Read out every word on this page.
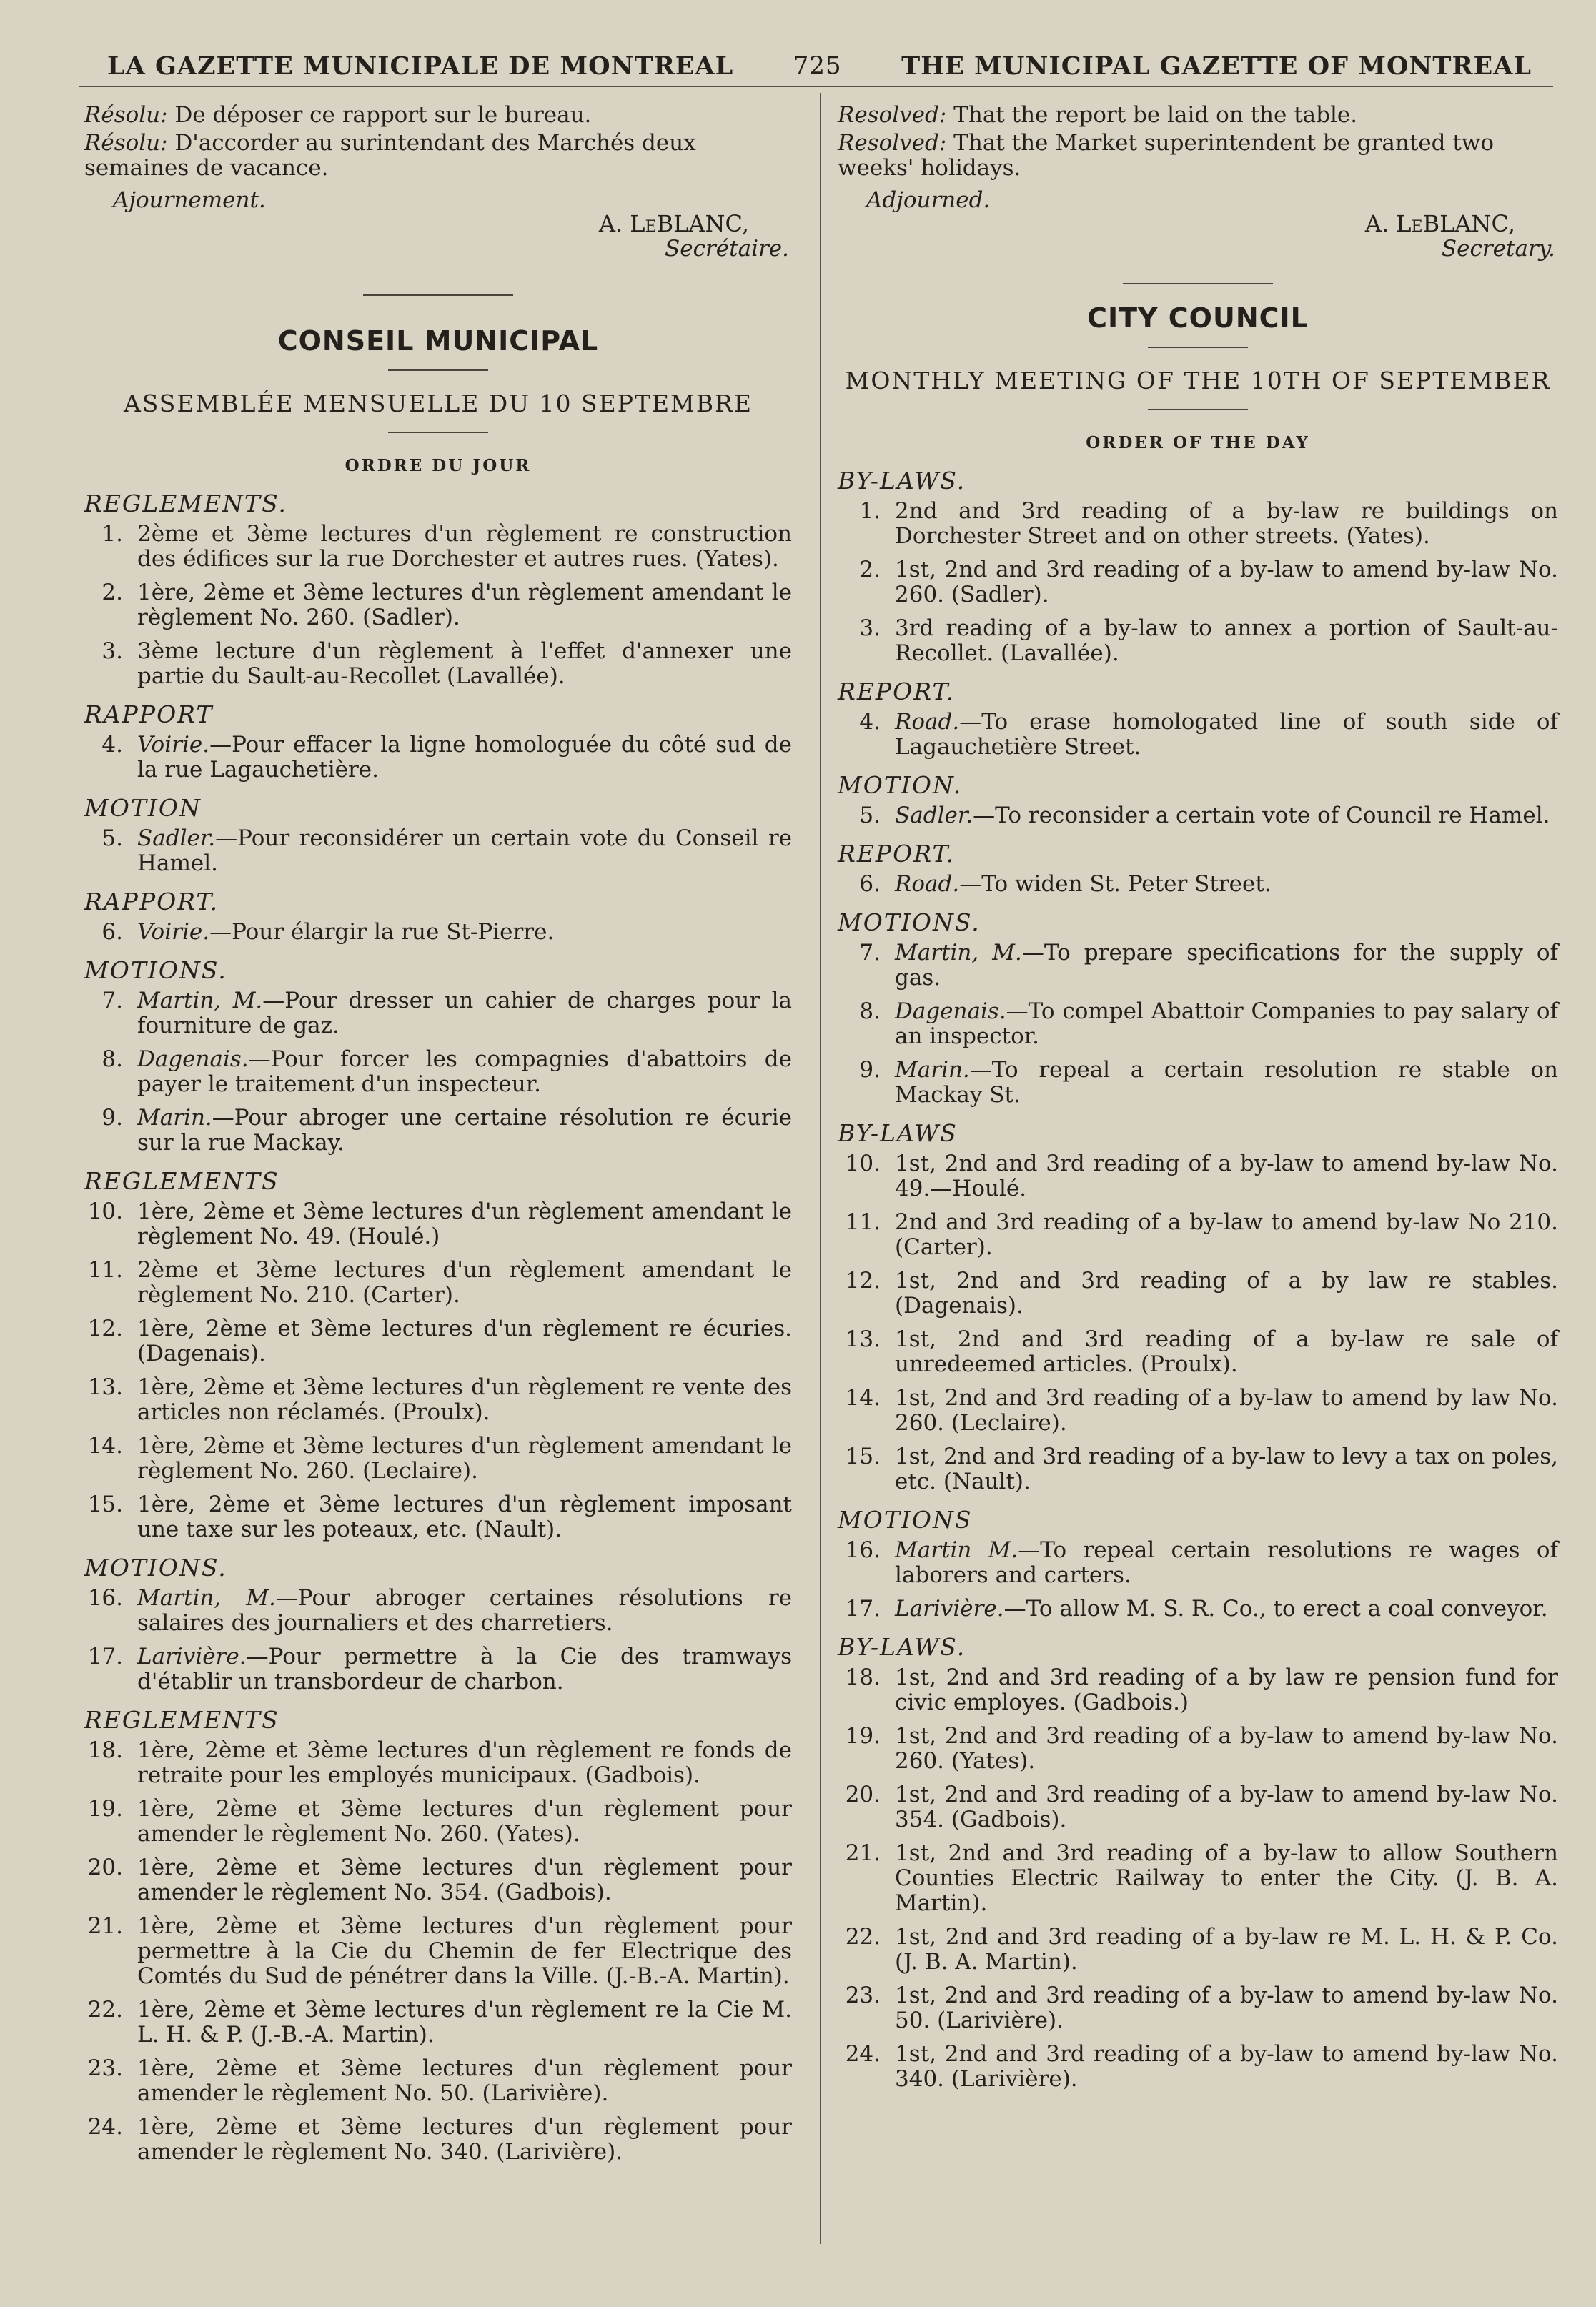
LA GAZETTE MUNICIPALE DE MONTREAL 725 THE MUNICIPAL GAZETTE OF MONTREAL

Résolu: De déposer ce rapport sur le bureau.

Résolu: D'accorder au surintendant des Marchés deux semaines de vacance.

Ajournement.

A. LeBLANC,

Secrétaire.

CONSEIL MUNICIPAL

ASSEMBLÉE MENSUELLE DU 10 SEPTEMBRE

ORDRE DU JOUR

REGLEMENTS.

1. 2ème et 3ème lectures d'un règlement re construction des édifices sur la rue Dorchester et autres rues. (Yates).
2. 1ère, 2ème et 3ème lectures d'un règlement amendant le règlement No. 260. (Sadler).
3. 3ème lecture d'un règlement à l'effet d'annexer une partie du Sault-au-Recollet (Lavallée).

RAPPORT

4. Voirie.—Pour effacer la ligne homologuée du côté sud de la rue Lagauchetière.

MOTION

5. Sadler.—Pour reconsidérer un certain vote du Conseil re Hamel.

RAPPORT.

6. Voirie.—Pour élargir la rue St-Pierre.

MOTIONS.

7. Martin, M.—Pour dresser un cahier de charges pour la fourniture de gaz.
8. Dagenais.—Pour forcer les compagnies d'abattoirs de payer le traitement d'un inspecteur.
9. Marin.—Pour abroger une certaine résolution re écurie sur la rue Mackay.

REGLEMENTS

10. 1ère, 2ème et 3ème lectures d'un règlement amendant le règlement No. 49. (Houlé.)
11. 2ème et 3ème lectures d'un règlement amendant le règlement No. 210. (Carter).
12. 1ère, 2ème et 3ème lectures d'un règlement re écuries. (Dagenais).
13. 1ère, 2ème et 3ème lectures d'un règlement re vente des articles non réclamés. (Proulx).
14. 1ère, 2ème et 3ème lectures d'un règlement amendant le règlement No. 260. (Leclaire).
15. 1ère, 2ème et 3ème lectures d'un règlement imposant une taxe sur les poteaux, etc. (Nault).

MOTIONS.

16. Martin, M.—Pour abroger certaines résolutions re salaires des journaliers et des charretiers.
17. Larivière.—Pour permettre à la Cie des tramways d'établir un transbordeur de charbon.

REGLEMENTS

18. 1ère, 2ème et 3ème lectures d'un règlement re fonds de retraite pour les employés municipaux. (Gadbois).
19. 1ère, 2ème et 3ème lectures d'un règlement pour amender le règlement No. 260. (Yates).
20. 1ère, 2ème et 3ème lectures d'un règlement pour amender le règlement No. 354. (Gadbois).
21. 1ère, 2ème et 3ème lectures d'un règlement pour permettre à la Cie du Chemin de fer Electrique des Comtés du Sud de pénétrer dans la Ville. (J.-B.-A. Martin).
22. 1ère, 2ème et 3ème lectures d'un règlement re la Cie M. L. H. & P. (J.-B.-A. Martin).
23. 1ère, 2ème et 3ème lectures d'un règlement pour amender le règlement No. 50. (Larivière).
24. 1ère, 2ème et 3ème lectures d'un règlement pour amender le règlement No. 340. (Larivière).

Resolved: That the report be laid on the table.

Resolved: That the Market superintendent be granted two weeks' holidays.

Adjourned.

A. LeBLANC,

Secretary.

CITY COUNCIL

MONTHLY MEETING OF THE 10TH OF SEPTEMBER

ORDER OF THE DAY

BY-LAWS.

1. 2nd and 3rd reading of a by-law re buildings on Dorchester Street and on other streets. (Yates).
2. 1st, 2nd and 3rd reading of a by-law to amend by-law No. 260. (Sadler).
3. 3rd reading of a by-law to annex a portion of Sault-au-Recollet. (Lavallée).

REPORT.

4. Road.—To erase homologated line of south side of Lagauchetière Street.

MOTION.

5. Sadler.—To reconsider a certain vote of Council re Hamel.

REPORT.

6. Road.—To widen St. Peter Street.

MOTIONS.

7. Martin, M.—To prepare specifications for the supply of gas.
8. Dagenais.—To compel Abattoir Companies to pay salary of an inspector.
9. Marin.—To repeal a certain resolution re stable on Mackay St.

BY-LAWS

10. 1st, 2nd and 3rd reading of a by-law to amend by-law No. 49.—Houlé.
11. 2nd and 3rd reading of a by-law to amend by-law No 210. (Carter).
12. 1st, 2nd and 3rd reading of a by law re stables. (Dagenais).
13. 1st, 2nd and 3rd reading of a by-law re sale of unredeemed articles. (Proulx).
14. 1st, 2nd and 3rd reading of a by-law to amend by law No. 260. (Leclaire).
15. 1st, 2nd and 3rd reading of a by-law to levy a tax on poles, etc. (Nault).

MOTIONS

16. Martin M.—To repeal certain resolutions re wages of laborers and carters.
17. Larivière.—To allow M. S. R. Co., to erect a coal conveyor.

BY-LAWS.

18. 1st, 2nd and 3rd reading of a by law re pension fund for civic employes. (Gadbois.)
19. 1st, 2nd and 3rd reading of a by-law to amend by-law No. 260. (Yates).
20. 1st, 2nd and 3rd reading of a by-law to amend by-law No. 354. (Gadbois).
21. 1st, 2nd and 3rd reading of a by-law to allow Southern Counties Electric Railway to enter the City. (J. B. A. Martin).
22. 1st, 2nd and 3rd reading of a by-law re M. L. H. & P. Co. (J. B. A. Martin).
23. 1st, 2nd and 3rd reading of a by-law to amend by-law No. 50. (Larivière).
24. 1st, 2nd and 3rd reading of a by-law to amend by-law No. 340. (Larivière).
